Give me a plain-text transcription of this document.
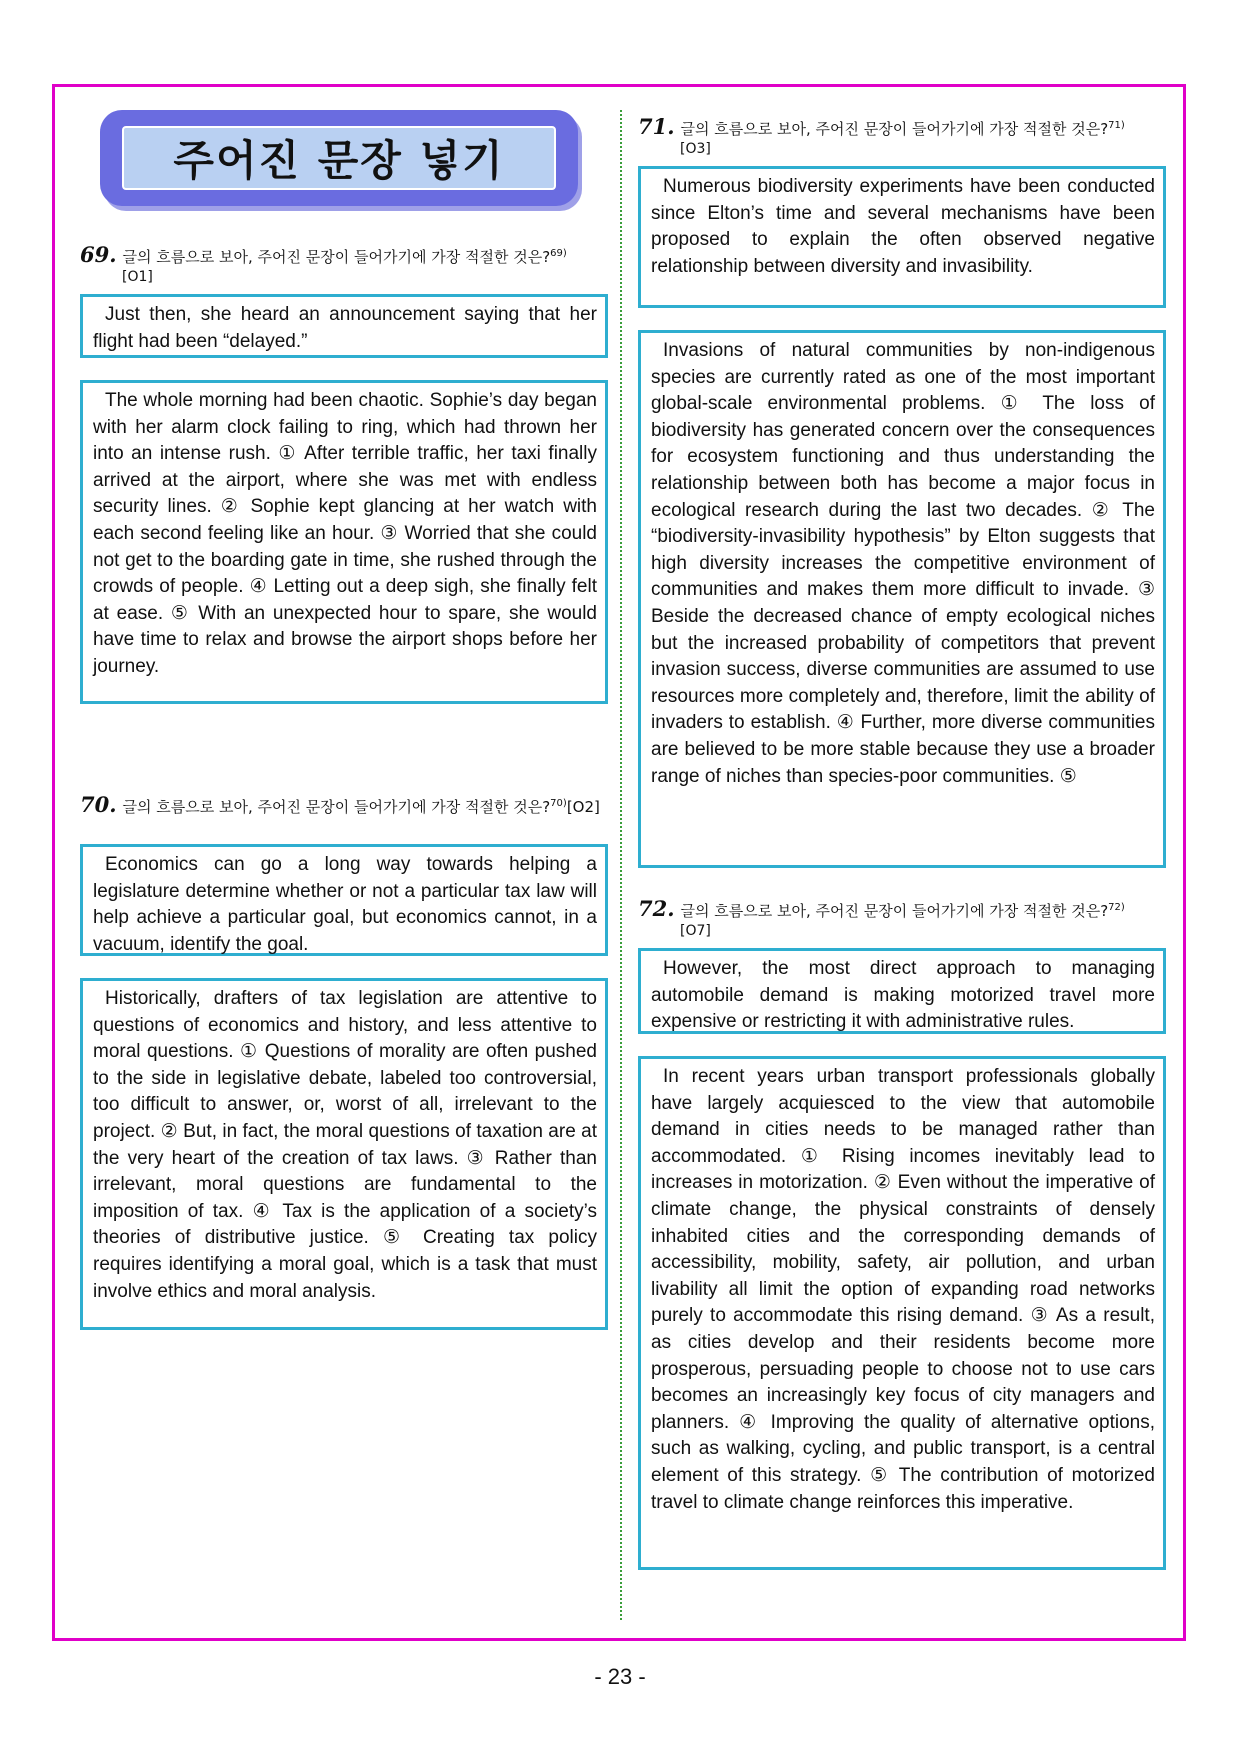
주어진 문장 넣기
69. 글의 흐름으로 보아, 주어진 문장이 들어가기에 가장 적절한 것은?$^{69)}$
[O1]

Just then, she heard an announcement saying that her flight had been “delayed.”

The whole morning had been chaotic. Sophie’s day began with her alarm clock failing to ring, which had thrown her into an intense rush. ① After terrible traffic, her taxi finally arrived at the airport, where she was met with endless security lines. ② Sophie kept glancing at her watch with each second feeling like an hour. ③ Worried that she could not get to the boarding gate in time, she rushed through the crowds of people. ④ Letting out a deep sigh, she finally felt at ease. ⑤ With an unexpected hour to spare, she would have time to relax and browse the airport shops before her journey.

70. 글의 흐름으로 보아, 주어진 문장이 들어가기에 가장 적절한 것은?$^{70)}$[O2]

Economics can go a long way towards helping a legislature determine whether or not a particular tax law will help achieve a particular goal, but economics cannot, in a vacuum, identify the goal.

Historically, drafters of tax legislation are attentive to questions of economics and history, and less attentive to moral questions. ① Questions of morality are often pushed to the side in legislative debate, labeled too controversial, too difficult to answer, or, worst of all, irrelevant to the project. ② But, in fact, the moral questions of taxation are at the very heart of the creation of tax laws. ③ Rather than irrelevant, moral questions are fundamental to the imposition of tax. ④ Tax is the application of a society’s theories of distributive justice. ⑤ Creating tax policy requires identifying a moral goal, which is a task that must involve ethics and moral analysis.

71. 글의 흐름으로 보아, 주어진 문장이 들어가기에 가장 적절한 것은?$^{71)}$
[O3]

Numerous biodiversity experiments have been conducted since Elton’s time and several mechanisms have been proposed to explain the often observed negative relationship between diversity and invasibility.

Invasions of natural communities by non-indigenous species are currently rated as one of the most important global-scale environmental problems. ① The loss of biodiversity has generated concern over the consequences for ecosystem functioning and thus understanding the relationship between both has become a major focus in ecological research during the last two decades. ② The “biodiversity-invasibility hypothesis” by Elton suggests that high diversity increases the competitive environment of communities and makes them more difficult to invade. ③ Beside the decreased chance of empty ecological niches but the increased probability of competitors that prevent invasion success, diverse communities are assumed to use resources more completely and, therefore, limit the ability of invaders to establish. ④ Further, more diverse communities are believed to be more stable because they use a broader range of niches than species-poor communities. ⑤

72. 글의 흐름으로 보아, 주어진 문장이 들어가기에 가장 적절한 것은?$^{72)}$
[O7]

However, the most direct approach to managing automobile demand is making motorized travel more expensive or restricting it with administrative rules.

In recent years urban transport professionals globally have largely acquiesced to the view that automobile demand in cities needs to be managed rather than accommodated. ① Rising incomes inevitably lead to increases in motorization. ② Even without the imperative of climate change, the physical constraints of densely inhabited cities and the corresponding demands of accessibility, mobility, safety, air pollution, and urban livability all limit the option of expanding road networks purely to accommodate this rising demand. ③ As a result, as cities develop and their residents become more prosperous, persuading people to choose not to use cars becomes an increasingly key focus of city managers and planners. ④ Improving the quality of alternative options, such as walking, cycling, and public transport, is a central element of this strategy. ⑤ The contribution of motorized travel to climate change reinforces this imperative.

- 23 -
